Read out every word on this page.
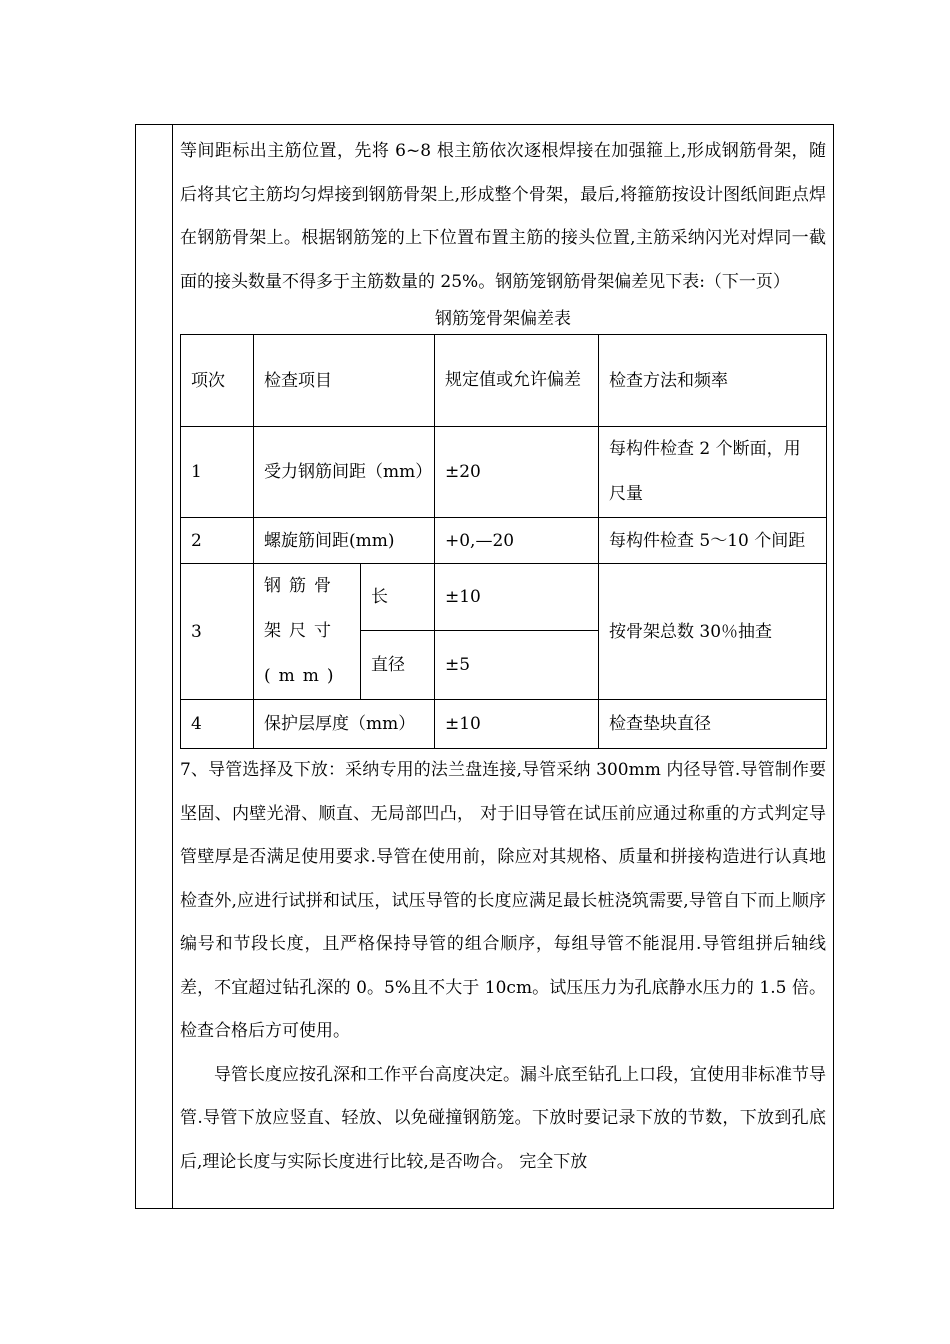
等间距标出主筋位置，先将 6~8 根主筋依次逐根焊接在加强箍上,形成钢筋骨架，随后将其它主筋均匀焊接到钢筋骨架上,形成整个骨架，最后,将箍筋按设计图纸间距点焊在钢筋骨架上。根据钢筋笼的上下位置布置主筋的接头位置,主筋采纳闪光对焊同一截面的接头数量不得多于主筋数量的 25%。钢筋笼钢筋骨架偏差见下表:（下一页）

钢筋笼骨架偏差表

项次	检查项目		规定值或允许偏差	检查方法和频率
1	受力钢筋间距（mm）		±20	每构件检查 2 个断面，用尺量
2	螺旋筋间距(mm)		+0,—20	每构件检查 5～10 个间距
3	钢筋骨架尺寸(mm)	长	±10	按骨架总数 30％抽查
		直径	±5	
4	保护层厚度（mm）		±10	检查垫块直径

7、导管选择及下放：采纳专用的法兰盘连接,导管采纳 300mm 内径导管.导管制作要坚固、内壁光滑、顺直、无局部凹凸， 对于旧导管在试压前应通过称重的方式判定导管壁厚是否满足使用要求.导管在使用前，除应对其规格、质量和拼接构造进行认真地检查外,应进行试拼和试压，试压导管的长度应满足最长桩浇筑需要,导管自下而上顺序编号和节段长度，且严格保持导管的组合顺序，每组导管不能混用.导管组拼后轴线差，不宜超过钻孔深的 0。5%且不大于 10cm。试压压力为孔底静水压力的 1.5 倍。检查合格后方可使用。

导管长度应按孔深和工作平台高度决定。漏斗底至钻孔上口段，宜使用非标准节导管.导管下放应竖直、轻放、以免碰撞钢筋笼。下放时要记录下放的节数，下放到孔底后,理论长度与实际长度进行比较,是否吻合。 完全下放
